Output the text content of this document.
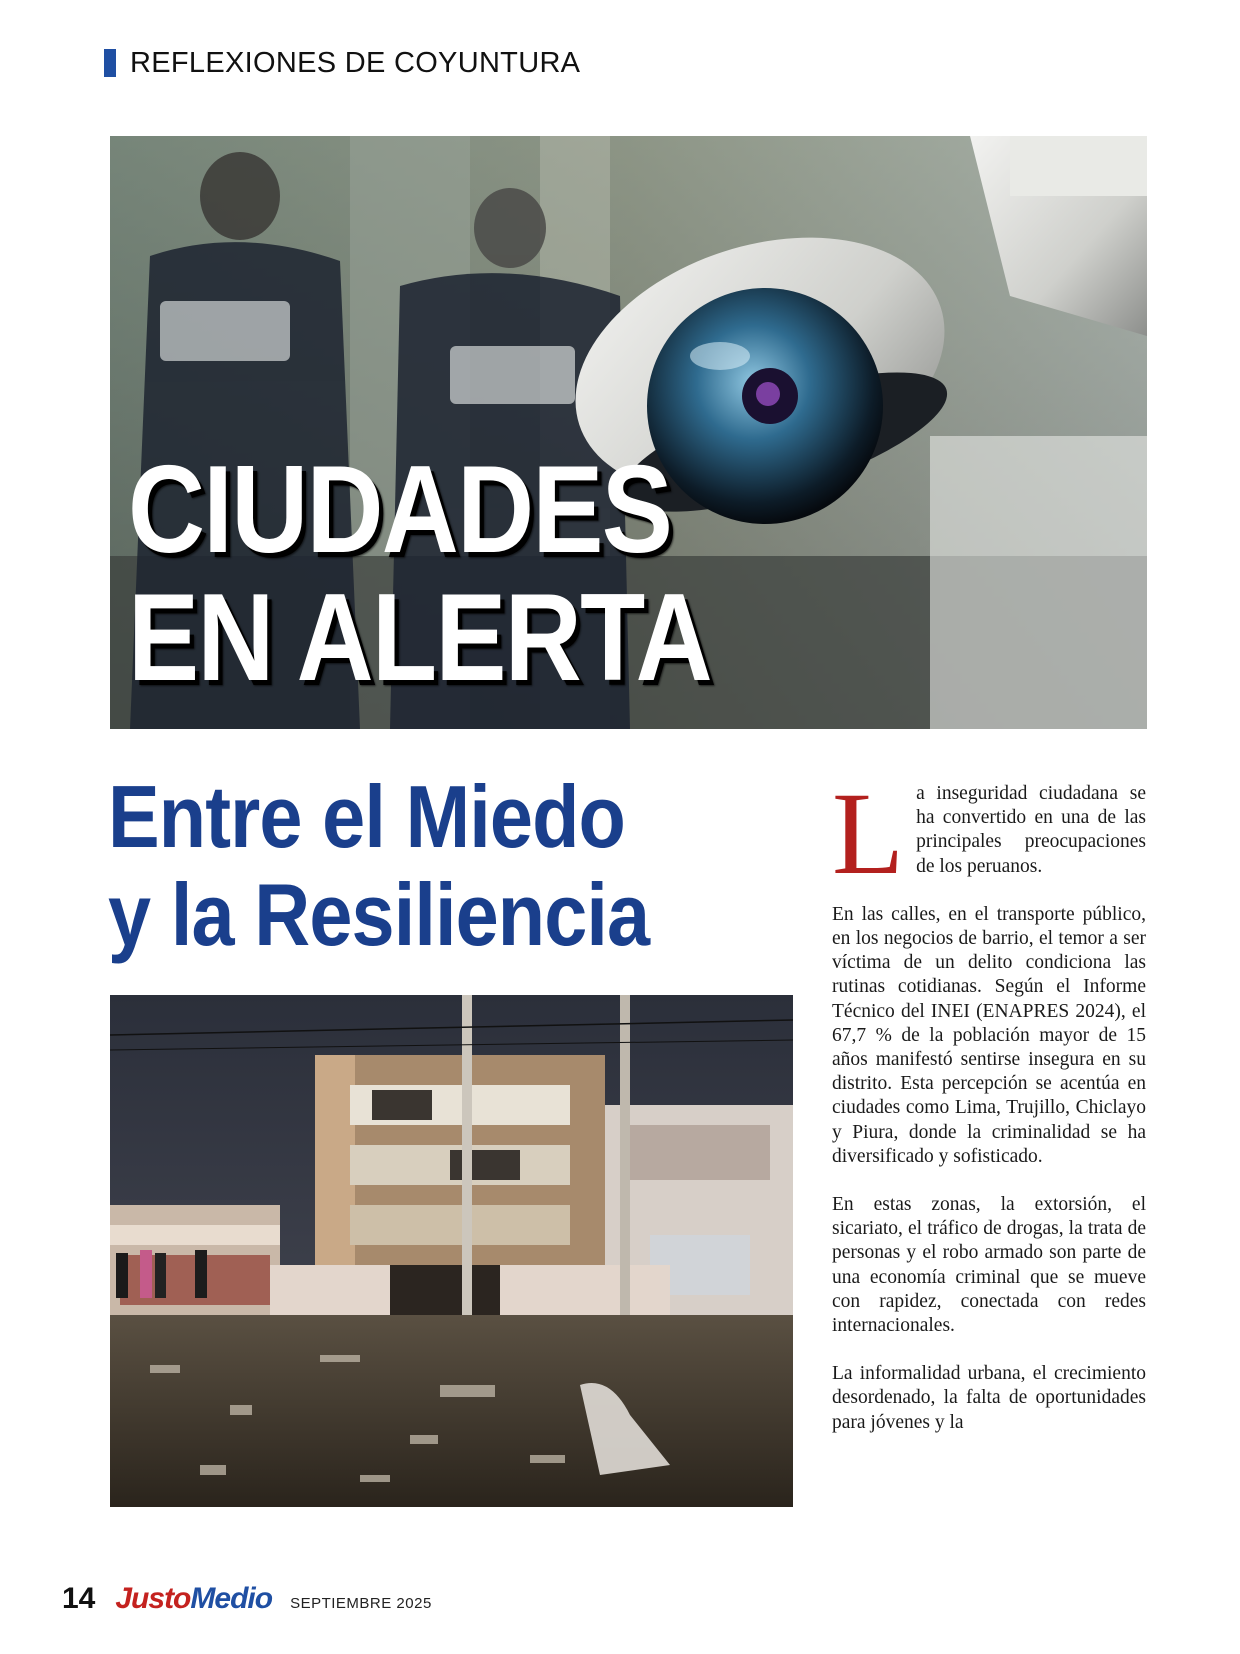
REFLEXIONES DE COYUNTURA
CIUDADES
EN ALERTA
Entre el Miedo
y la Resiliencia

La inseguridad ciudadana se ha convertido en una de las principales preocupaciones de los peruanos.

En las calles, en el transporte público, en los negocios de barrio, el temor a ser víctima de un delito condiciona las rutinas cotidianas. Según el Informe Técnico del INEI (ENAPRES 2024), el 67,7 % de la población mayor de 15 años manifestó sentirse insegura en su distrito. Esta percepción se acentúa en ciudades como Lima, Trujillo, Chiclayo y Piura, donde la criminalidad se ha diversificado y sofisticado.

En estas zonas, la extorsión, el sicariato, el tráfico de drogas, la trata de personas y el robo armado son parte de una economía criminal que se mueve con rapidez, conectada con redes internacionales.

La informalidad urbana, el crecimiento desordenado, la falta de oportunidades para jóvenes y la

14 JustoMedio SEPTIEMBRE 2025
